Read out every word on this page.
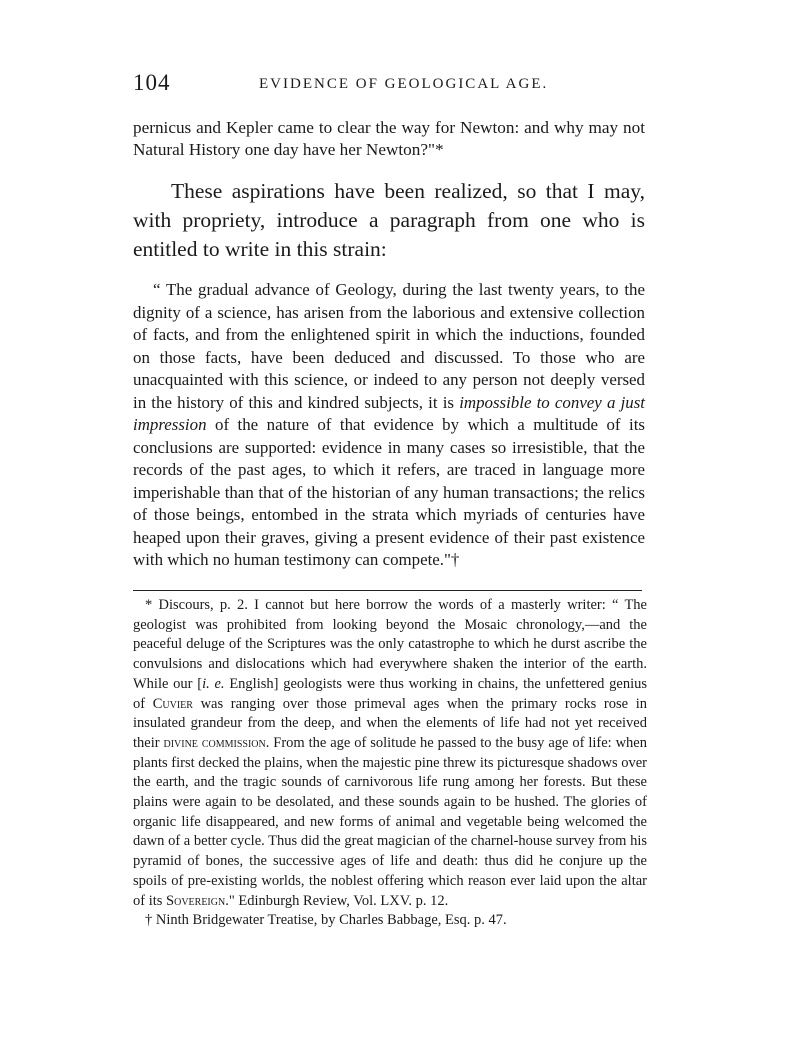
104	EVIDENCE OF GEOLOGICAL AGE.

pernicus and Kepler came to clear the way for Newton: and why may not Natural History one day have her Newton?"*

These aspirations have been realized, so that I may, with propriety, introduce a paragraph from one who is entitled to write in this strain:

“ The gradual advance of Geology, during the last twenty years, to the dignity of a science, has arisen from the laborious and extensive collection of facts, and from the enlightened spirit in which the inductions, founded on those facts, have been deduced and discussed. To those who are unacquainted with this science, or indeed to any person not deeply versed in the history of this and kindred subjects, it is impossible to convey a just impression of the nature of that evidence by which a multitude of its conclusions are supported: evidence in many cases so irresistible, that the records of the past ages, to which it refers, are traced in language more imperishable than that of the historian of any human transactions; the relics of those beings, entombed in the strata which myriads of centuries have heaped upon their graves, giving a present evidence of their past existence with which no human testimony can compete."†

* Discours, p. 2. I cannot but here borrow the words of a masterly writer: “ The geologist was prohibited from looking beyond the Mosaic chronology,—and the peaceful deluge of the Scriptures was the only catastrophe to which he durst ascribe the convulsions and dislocations which had everywhere shaken the interior of the earth. While our [i. e. English] geologists were thus working in chains, the unfettered genius of Cuvier was ranging over those primeval ages when the primary rocks rose in insulated grandeur from the deep, and when the elements of life had not yet received their divine commission. From the age of solitude he passed to the busy age of life: when plants first decked the plains, when the majestic pine threw its picturesque shadows over the earth, and the tragic sounds of carnivorous life rung among her forests. But these plains were again to be desolated, and these sounds again to be hushed. The glories of organic life disappeared, and new forms of animal and vegetable being welcomed the dawn of a better cycle. Thus did the great magician of the charnel-house survey from his pyramid of bones, the successive ages of life and death: thus did he conjure up the spoils of pre-existing worlds, the noblest offering which reason ever laid upon the altar of its Sovereign." Edinburgh Review, Vol. LXV. p. 12.

† Ninth Bridgewater Treatise, by Charles Babbage, Esq. p. 47.
